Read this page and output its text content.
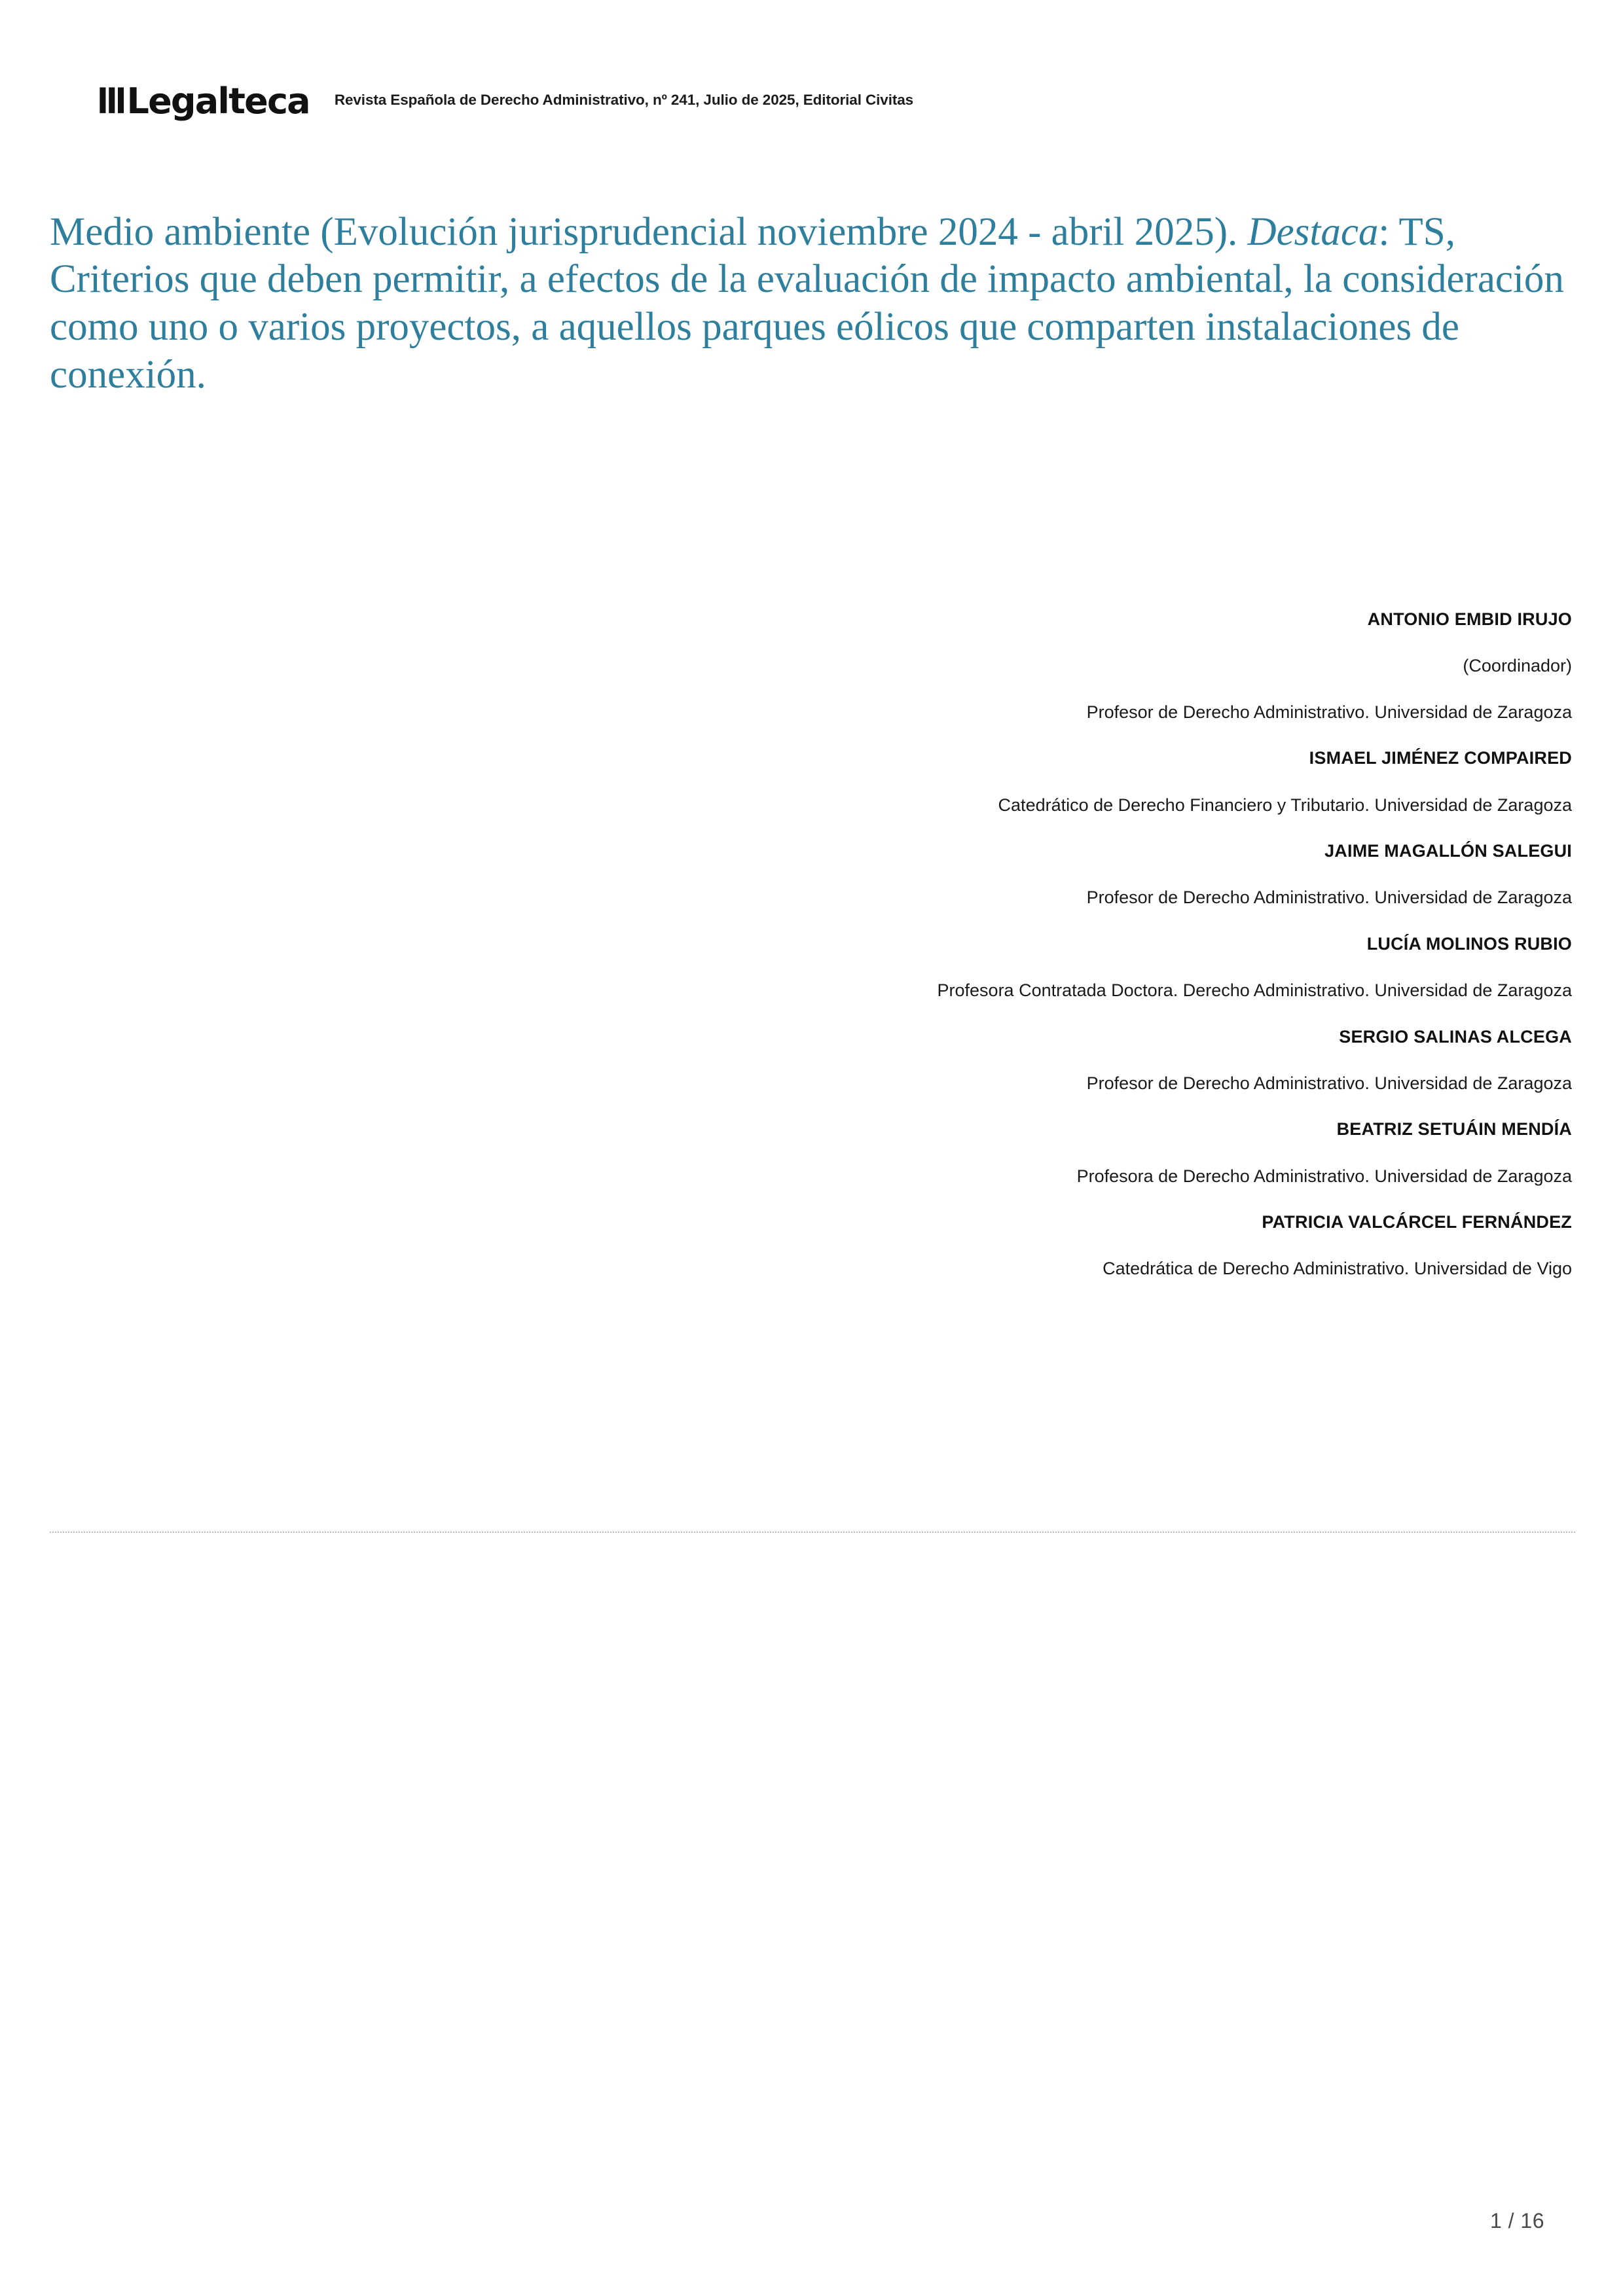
lll Legalteca Revista Española de Derecho Administrativo, nº 241, Julio de 2025, Editorial Civitas
Medio ambiente (Evolución jurisprudencial noviembre 2024 - abril 2025). Destaca: TS, Criterios que deben permitir, a efectos de la evaluación de impacto ambiental, la consideración como uno o varios proyectos, a aquellos parques eólicos que comparten instalaciones de conexión.

ANTONIO EMBID IRUJO

(Coordinador)

Profesor de Derecho Administrativo. Universidad de Zaragoza

ISMAEL JIMÉNEZ COMPAIRED

Catedrático de Derecho Financiero y Tributario. Universidad de Zaragoza

JAIME MAGALLÓN SALEGUI

Profesor de Derecho Administrativo. Universidad de Zaragoza

LUCÍA MOLINOS RUBIO

Profesora Contratada Doctora. Derecho Administrativo. Universidad de Zaragoza

SERGIO SALINAS ALCEGA

Profesor de Derecho Administrativo. Universidad de Zaragoza

BEATRIZ SETUÁIN MENDÍA

Profesora de Derecho Administrativo. Universidad de Zaragoza

PATRICIA VALCÁRCEL FERNÁNDEZ

Catedrática de Derecho Administrativo. Universidad de Vigo

1 / 16
